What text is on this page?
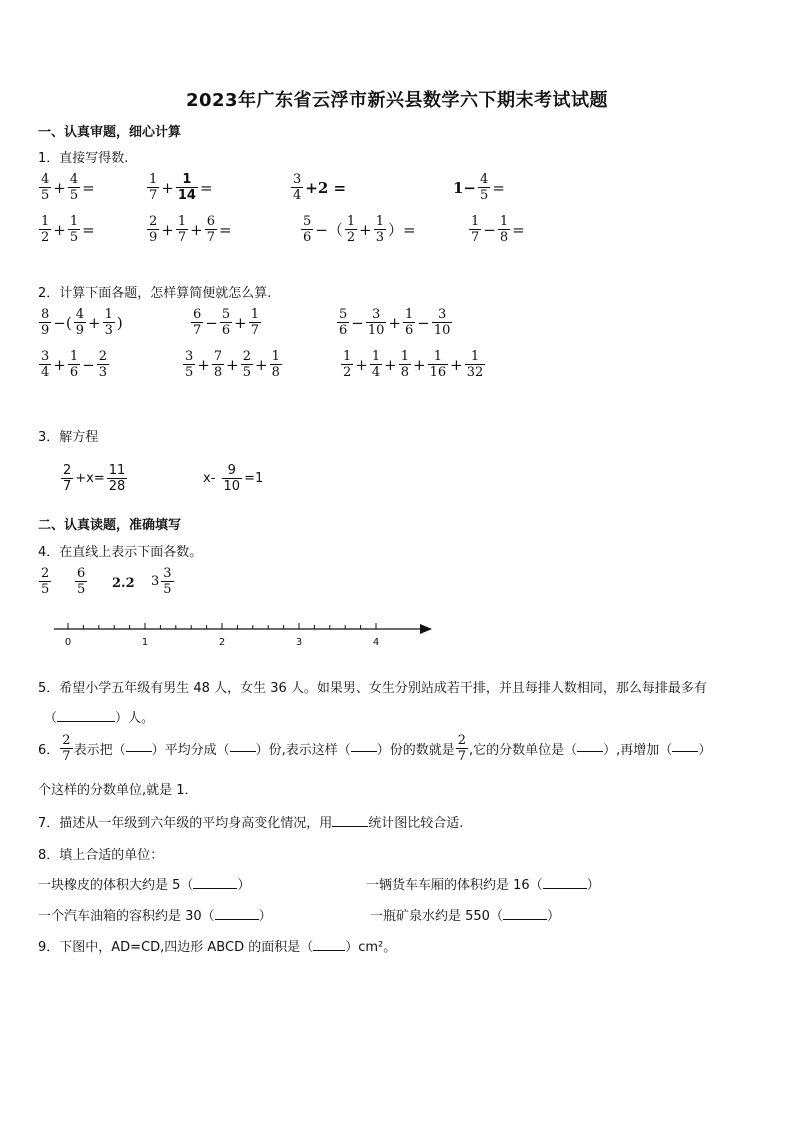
2023年广东省云浮市新兴县数学六下期末考试试题
一、认真审题，细心计算
1．直接写得数.
$\frac{4}{5} + \frac{4}{5}$ =	$\frac{1}{7} + \frac{1}{14}$ =	$\frac{3}{4} +2$ =	$1- \frac{4}{5}$ =
$\frac{1}{2} + \frac{1}{5}$ =	$\frac{2}{9} + \frac{1}{7} + \frac{6}{7}$ =	$\frac{5}{6}$ −（ $\frac{1}{2} + \frac{1}{3}$ ）=	$\frac{1}{7} - \frac{1}{8}$ =
2．计算下面各题，怎样算简便就怎么算.
$\frac{8}{9}$ −( $\frac{4}{9} + \frac{1}{3}$ )	$\frac{6}{7} - \frac{5}{6} + \frac{1}{7}$	$\frac{5}{6} - \frac{3}{10} + \frac{1}{6} - \frac{3}{10}$
$\frac{3}{4} + \frac{1}{6} - \frac{2}{3}$	$\frac{3}{5} + \frac{7}{8} + \frac{2}{5} + \frac{1}{8}$	$\frac{1}{2} + \frac{1}{4} + \frac{1}{8} + \frac{1}{16} + \frac{1}{32}$
3．解方程
$\frac{2}{7} +x= \frac{11}{28}$	$x- \frac{9}{10} =1$
二、认真读题，准确填写
4．在直线上表示下面各数。
$\frac{2}{5} \frac{6}{5} 2.2$ $3 \frac{3}{5}$
0	1	2	3	4
5．希望小学五年级有男生 48 人，女生 36 人。如果男、女生分别站成若干排，并且每排人数相同，那么每排最多有
（	）人。
6． $\frac{2}{7}$ 表示把（ ）平均分成（ ）份,表示这样（ ）份的数就是 $\frac{2}{7}$ ,它的分数单位是（ ）,再增加（ ）
个这样的分数单位,就是 1．
7．描述从一年级到六年级的平均身高变化情况，用	统计图比较合适.
8．填上合适的单位：
一块橡皮的体积大约是 5（	）	一辆货车车厢的体积约是 16（	）
一个汽车油箱的容积约是 30（	）	一瓶矿泉水约是 550（	）
9．下图中，AD=CD,四边形 ABCD 的面积是（ ）cm²。
